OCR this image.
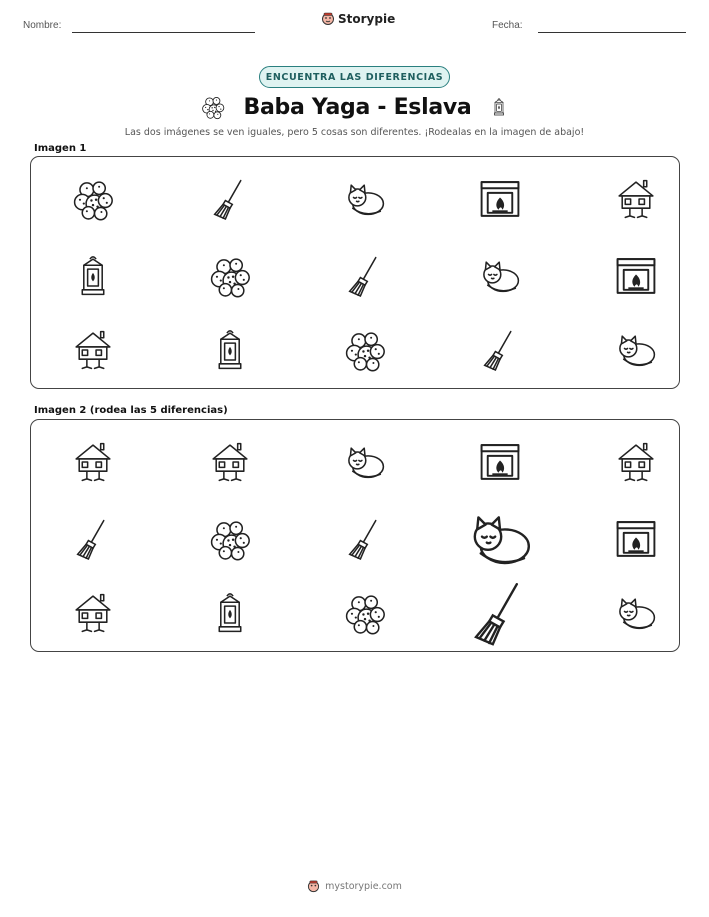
Nombre:	Storypie	Fecha:
ENCUENTRA LAS DIFERENCIAS
Baba Yaga - Eslava
Las dos imágenes se ven iguales, pero 5 cosas son diferentes. ¡Rodealas en la imagen de abajo!
Imagen 1
Imagen 2 (rodea las 5 diferencias)
mystorypie.com
